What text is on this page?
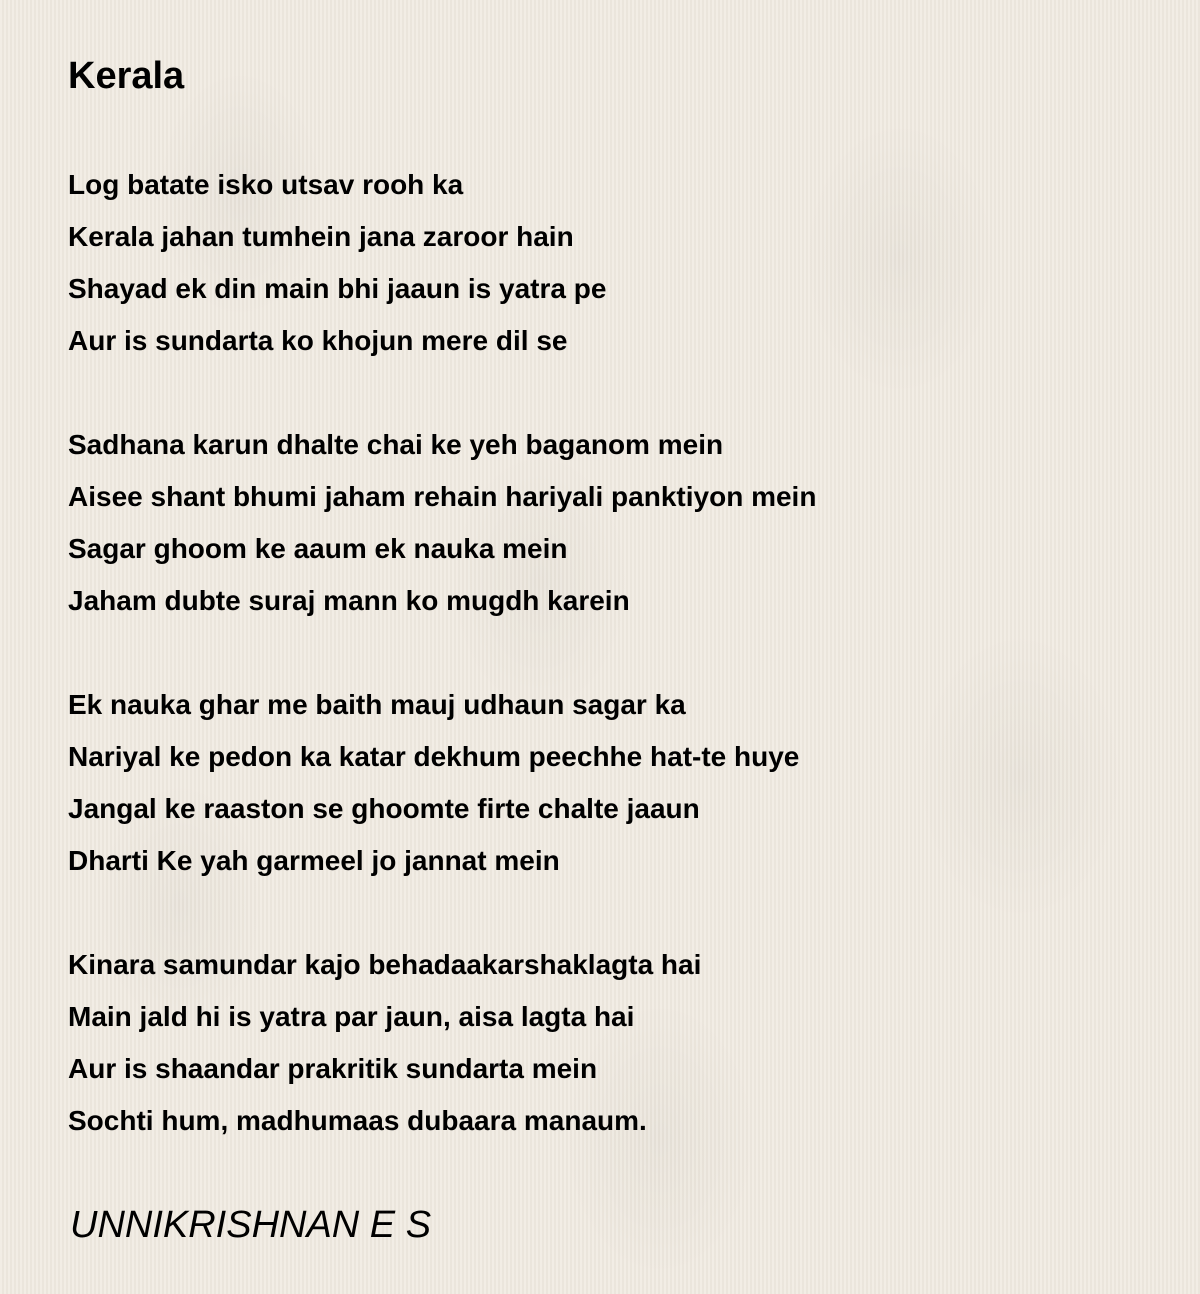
Kerala
Log batate isko utsav rooh ka
Kerala jahan tumhein jana zaroor hain
Shayad ek din main bhi jaaun is yatra pe
Aur is sundarta ko khojun mere dil se
Sadhana karun dhalte chai ke yeh baganom mein
Aisee shant bhumi jaham rehain hariyali panktiyon mein
Sagar ghoom ke aaum ek nauka mein
Jaham dubte suraj mann ko mugdh karein
Ek nauka ghar me baith mauj udhaun sagar ka
Nariyal ke pedon ka katar dekhum peechhe hat-te huye
Jangal ke raaston se ghoomte firte chalte jaaun
Dharti Ke yah garmeel jo jannat mein
Kinara samundar kajo behadaakarshaklagta hai
Main jald hi is yatra par jaun, aisa lagta hai
Aur is shaandar prakritik sundarta mein
Sochti hum, madhumaas dubaara manaum.
UNNIKRISHNAN E S
